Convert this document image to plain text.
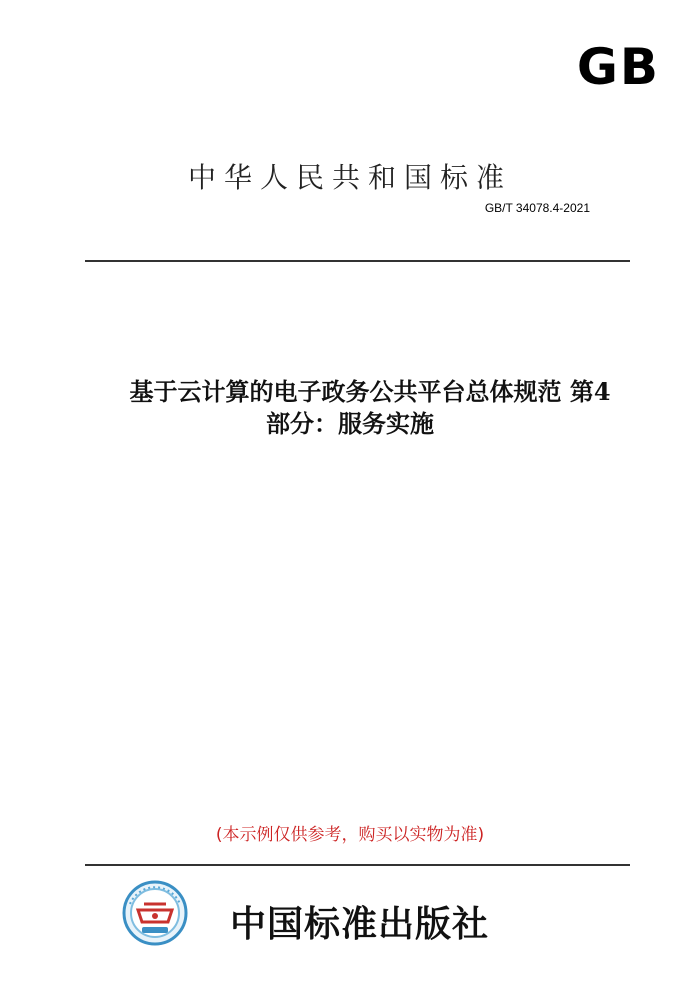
GB
中华人民共和国标准
GB/T 34078.4-2021
基于云计算的电子政务公共平台总体规范 第4
部分：服务实施
(本示例仅供参考，购买以实物为准)
中国标准出版社
